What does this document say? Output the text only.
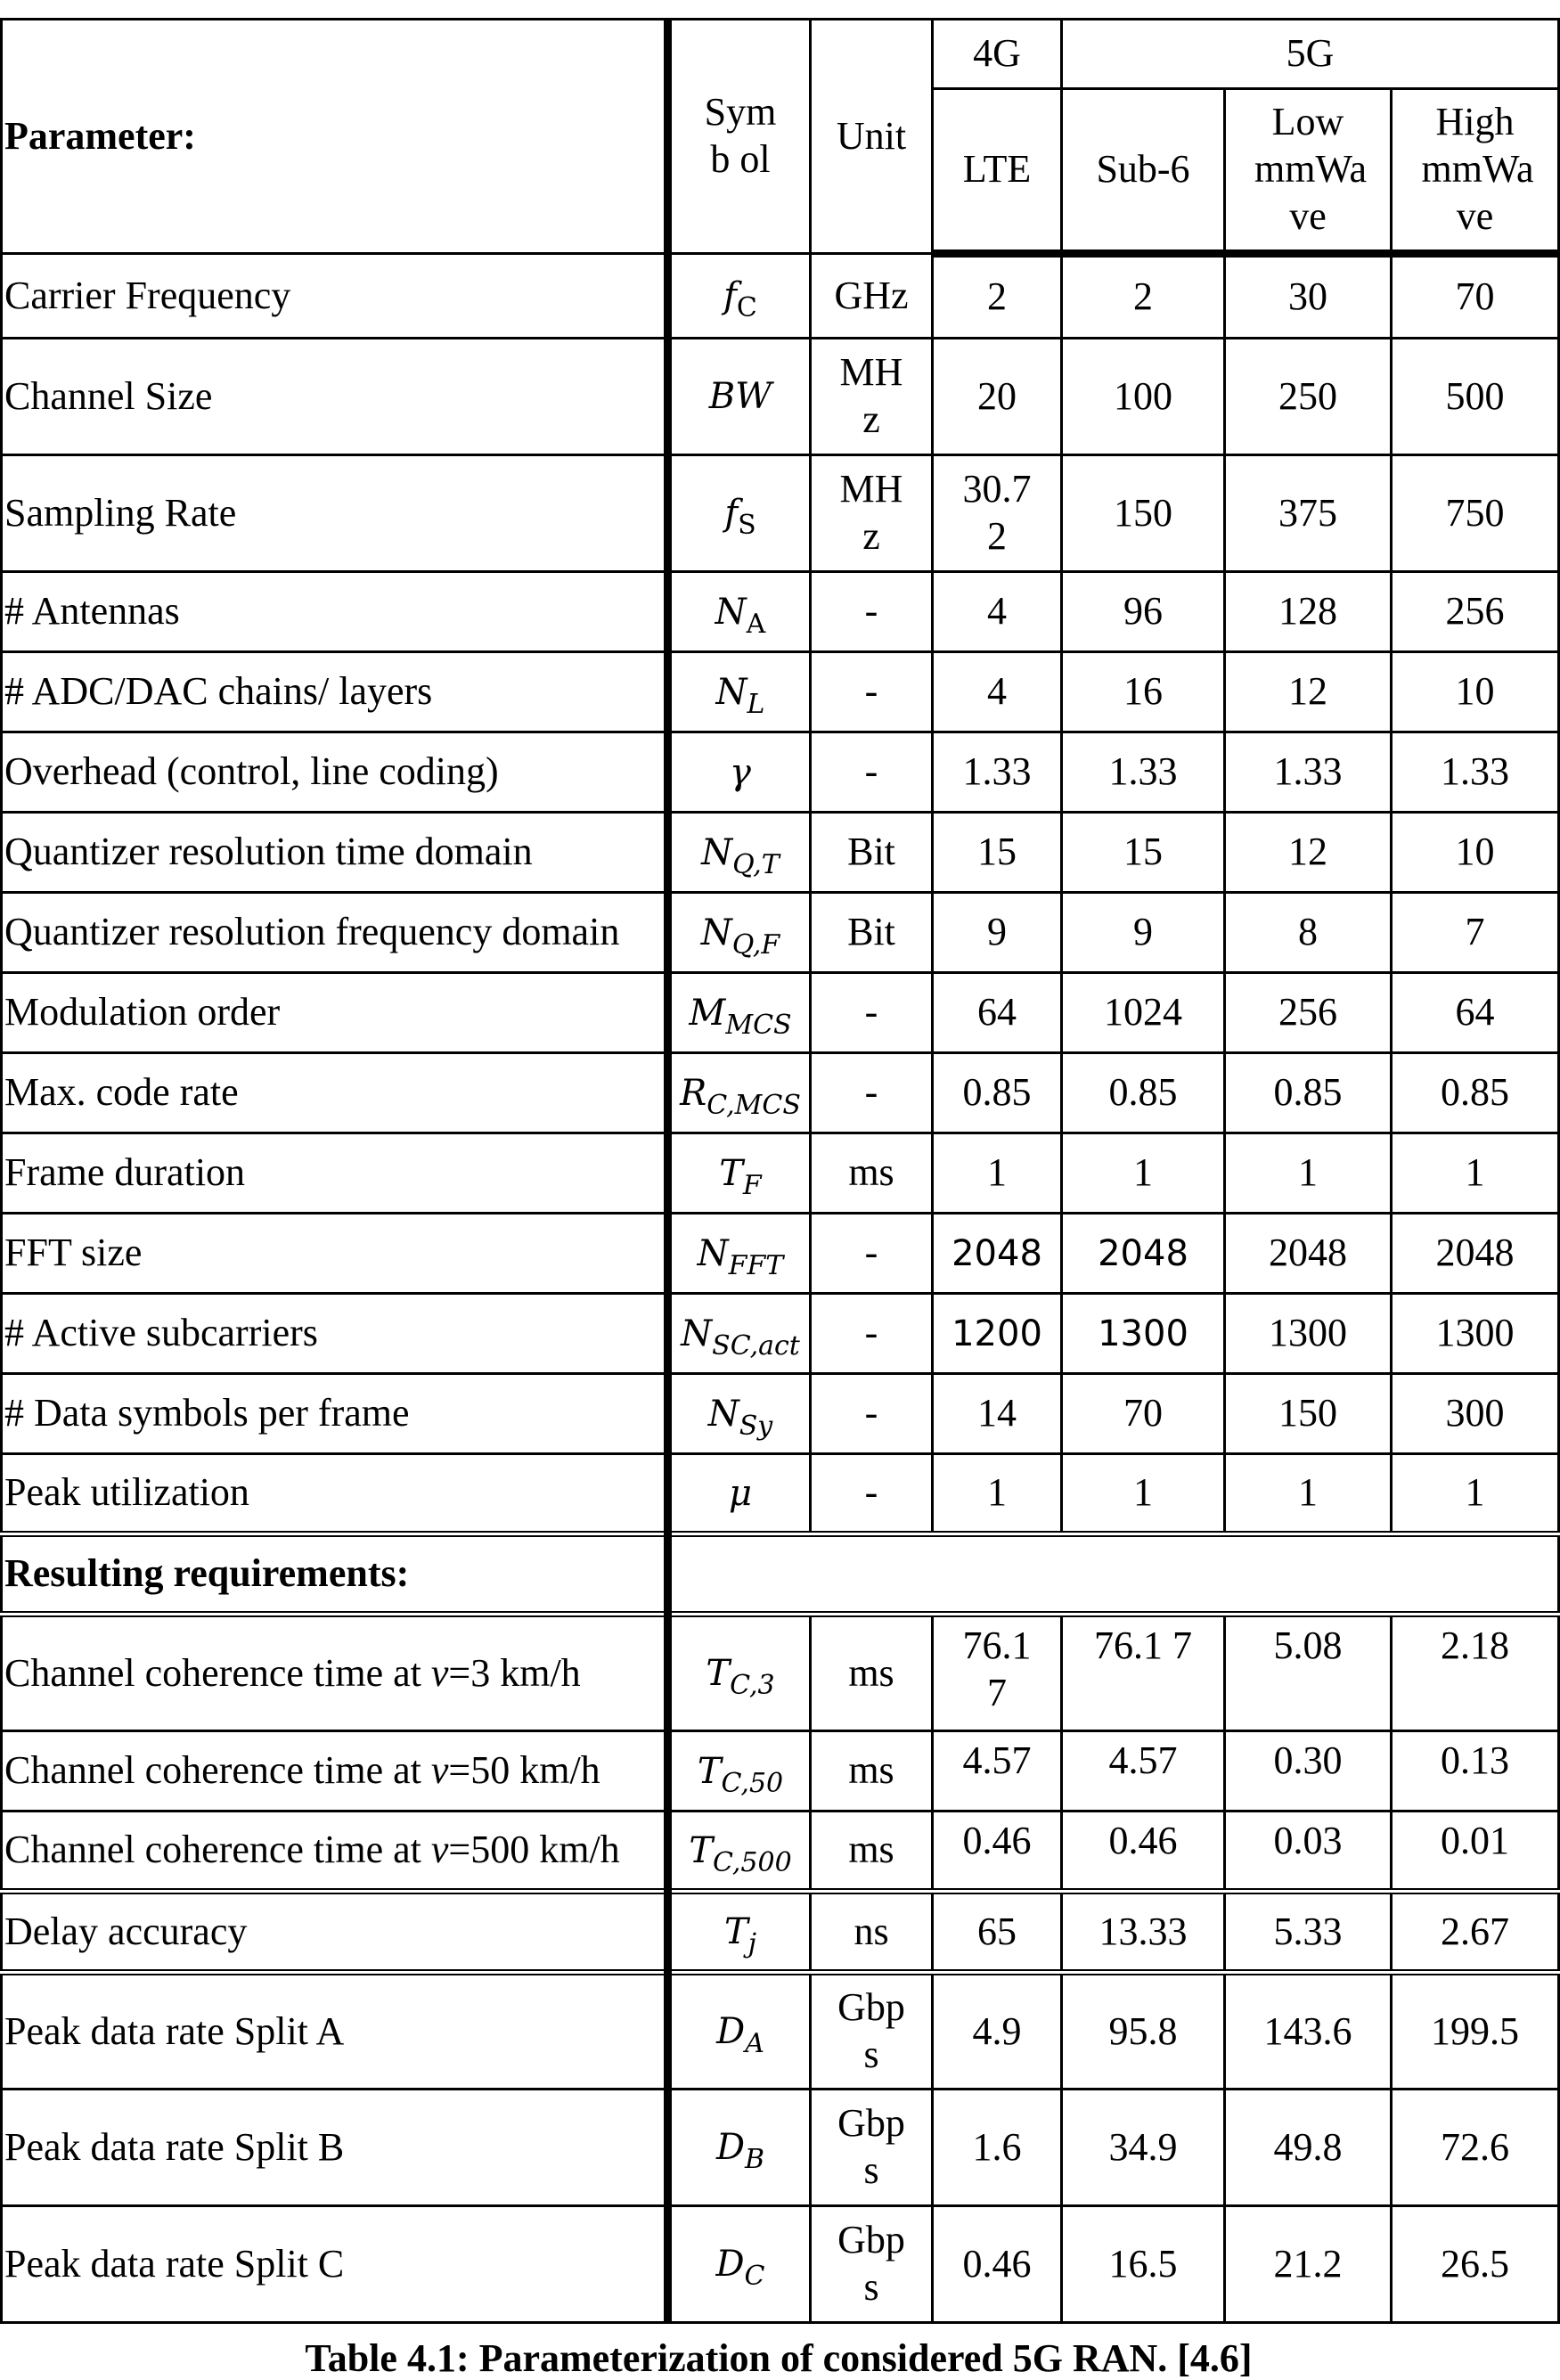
Parameter:	Symb ol	Unit	4G	5G		
			LTE	Sub-6	Low mmWa ve	High mmWa ve
Carrier Frequency	$f_C$	GHz	2	2	30	70
Channel Size	BW	MH z	20	100	250	500
Sampling Rate	$f_S$	MH z	30.7 2	150	375	750
# Antennas	$N_A$	-	4	96	128	256
# ADC/DAC chains/ layers	$N_L$	-	4	16	12	10
Overhead (control, line coding)	γ	-	1.33	1.33	1.33	1.33
Quantizer resolution time domain	$N_{Q,T}$	Bit	15	15	12	10
Quantizer resolution frequency domain	$N_{Q,F}$	Bit	9	9	8	7
Modulation order	$M_{MCS}$	-	64	1024	256	64
Max. code rate	$R_{C,MCS}$	-	0.85	0.85	0.85	0.85
Frame duration	$T_F$	ms	1	1	1	1
FFT size	$N_{FFT}$	-	2048	2048	2048	2048
# Active subcarriers	$N_{SC,act}$	-	1200	1300	1300	1300
# Data symbols per frame	$N_{Sy}$	-	14	70	150	300
Peak utilization	μ	-	1	1	1	1
Resulting requirements:						
Channel coherence time at v=3 km/h	$T_{C,3}$	ms	76.1 7	76.1 7	5.08	2.18
Channel coherence time at v=50 km/h	$T_{C,50}$	ms	4.57	4.57	0.30	0.13
Channel coherence time at v=500 km/h	$T_{C,500}$	ms	0.46	0.46	0.03	0.01
Delay accuracy	$T_j$	ns	65	13.33	5.33	2.67
Peak data rate Split A	$D_A$	Gbp s	4.9	95.8	143.6	199.5
Peak data rate Split B	$D_B$	Gbp s	1.6	34.9	49.8	72.6
Peak data rate Split C	$D_C$	Gbp s	0.46	16.5	21.2	26.5
Table 4.1: Parameterization of considered 5G RAN. [4.6]
